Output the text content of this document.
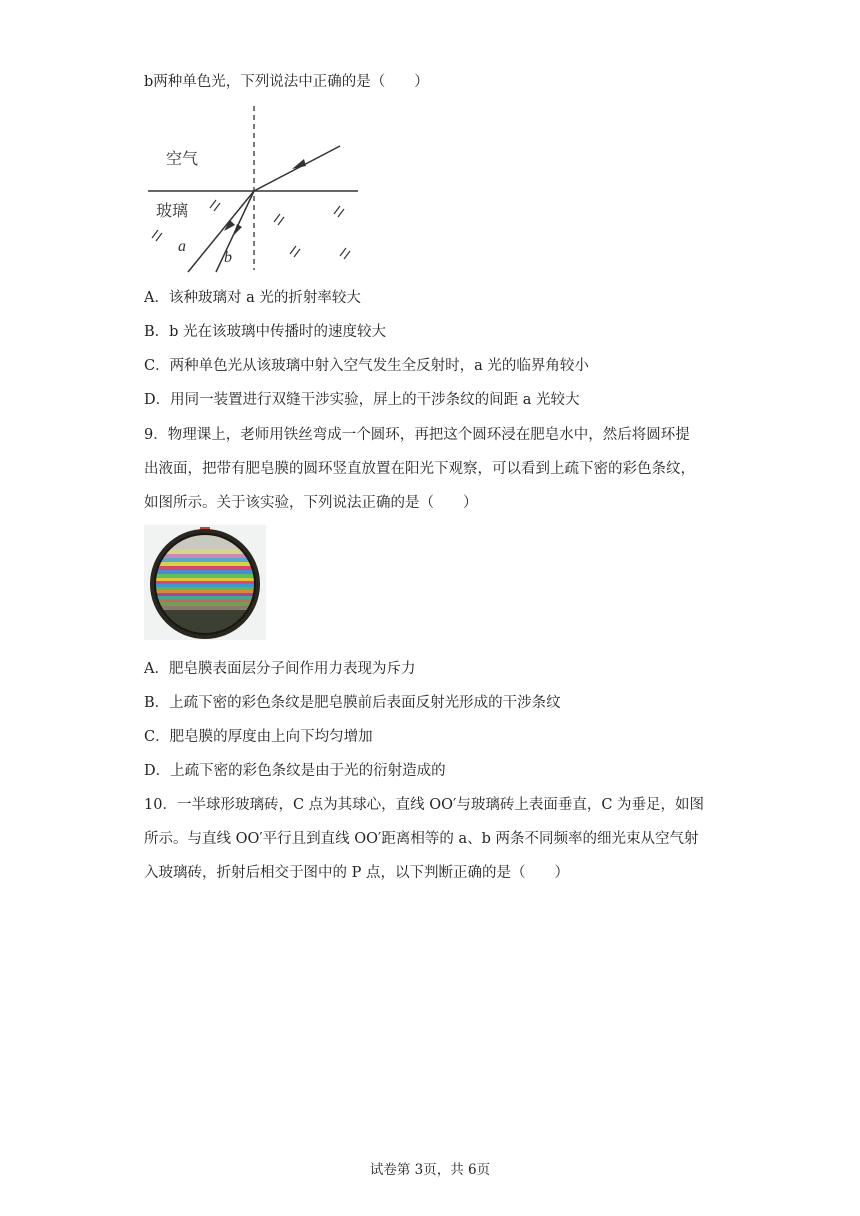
b两种单色光，下列说法中正确的是（　　）
空气
玻璃
a
b
A．该种玻璃对 a 光的折射率较大
B．b 光在该玻璃中传播时的速度较大
C．两种单色光从该玻璃中射入空气发生全反射时，a 光的临界角较小
D．用同一装置进行双缝干涉实验，屏上的干涉条纹的间距 a 光较大
9．物理课上，老师用铁丝弯成一个圆环，再把这个圆环浸在肥皂水中，然后将圆环提
出液面，把带有肥皂膜的圆环竖直放置在阳光下观察，可以看到上疏下密的彩色条纹，
如图所示。关于该实验，下列说法正确的是（　　）
A．肥皂膜表面层分子间作用力表现为斥力
B．上疏下密的彩色条纹是肥皂膜前后表面反射光形成的干涉条纹
C．肥皂膜的厚度由上向下均匀增加
D．上疏下密的彩色条纹是由于光的衍射造成的
10．一半球形玻璃砖，C 点为其球心，直线 OO′与玻璃砖上表面垂直，C 为垂足，如图
所示。与直线 OO′平行且到直线 OO′距离相等的 a、b 两条不同频率的细光束从空气射
入玻璃砖，折射后相交于图中的 P 点，以下判断正确的是（　　）
试卷第 3页，共 6页
